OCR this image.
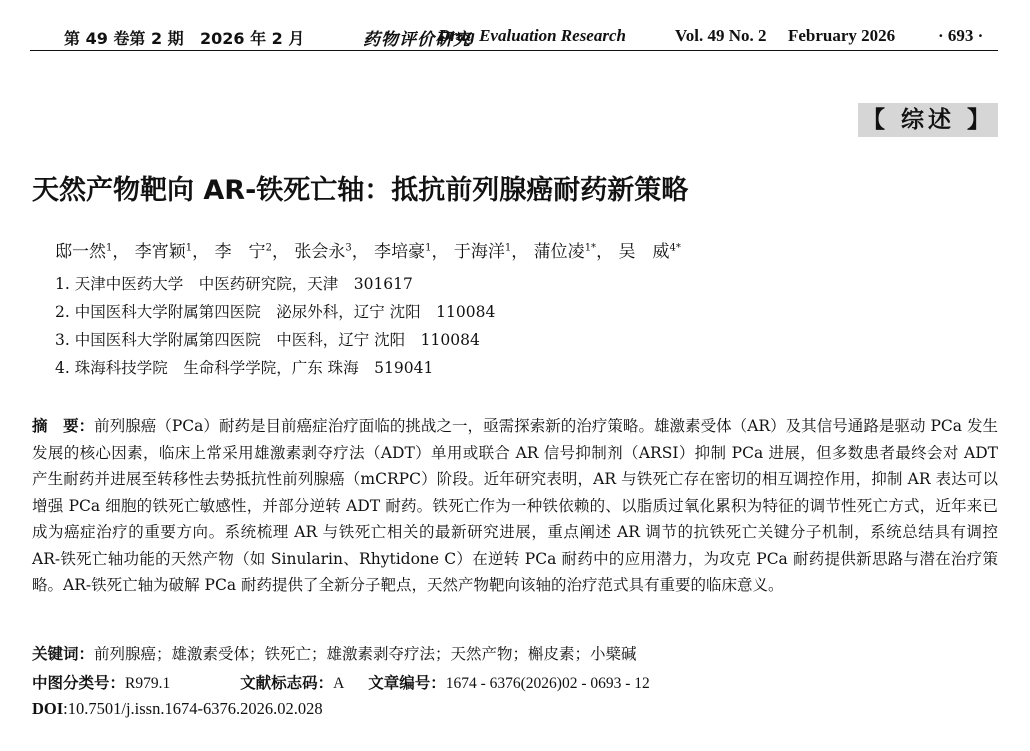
第 49 卷第 2 期 2026 年 2 月	药物评价研究
Drug Evaluation Research	Vol. 49 No. 2 February 2026	· 693 ·
【 综述 】
天然产物靶向 AR-铁死亡轴：抵抗前列腺癌耐药新策略
邸一然$^1$， 李宵颖$^1$， 李　宁$^2$， 张会永$^3$， 李培豪$^1$， 于海洋$^1$， 蒲位凌$^{1*}$， 吴　威$^{4*}$
1. 天津中医药大学　中医药研究院，天津　301617
2. 中国医科大学附属第四医院　泌尿外科，辽宁 沈阳　110084
3. 中国医科大学附属第四医院　中医科，辽宁 沈阳　110084
4. 珠海科技学院　生命科学学院，广东 珠海　519041
摘　要：前列腺癌（PCa）耐药是目前癌症治疗面临的挑战之一，亟需探索新的治疗策略。雄激素受体（AR）及其信号通路是驱动 PCa 发生发展的核心因素，临床上常采用雄激素剥夺疗法（ADT）单用或联合 AR 信号抑制剂（ARSI）抑制 PCa 进展，但多数患者最终会对 ADT 产生耐药并进展至转移性去势抵抗性前列腺癌（mCRPC）阶段。近年研究表明，AR 与铁死亡存在密切的相互调控作用，抑制 AR 表达可以增强 PCa 细胞的铁死亡敏感性，并部分逆转 ADT 耐药。铁死亡作为一种铁依赖的、以脂质过氧化累积为特征的调节性死亡方式，近年来已成为癌症治疗的重要方向。系统梳理 AR 与铁死亡相关的最新研究进展，重点阐述 AR 调节的抗铁死亡关键分子机制，系统总结具有调控 AR-铁死亡轴功能的天然产物（如 Sinularin、Rhytidone C）在逆转 PCa 耐药中的应用潜力，为攻克 PCa 耐药提供新思路与潜在治疗策略。AR-铁死亡轴为破解 PCa 耐药提供了全新分子靶点，天然产物靶向该轴的治疗范式具有重要的临床意义。
关键词：前列腺癌；雄激素受体；铁死亡；雄激素剥夺疗法；天然产物；槲皮素；小檗碱
中图分类号：R979.1	文献标志码：A 文章编号：1674 - 6376(2026)02 - 0693 - 12
DOI:10.7501/j.issn.1674-6376.2026.02.028
